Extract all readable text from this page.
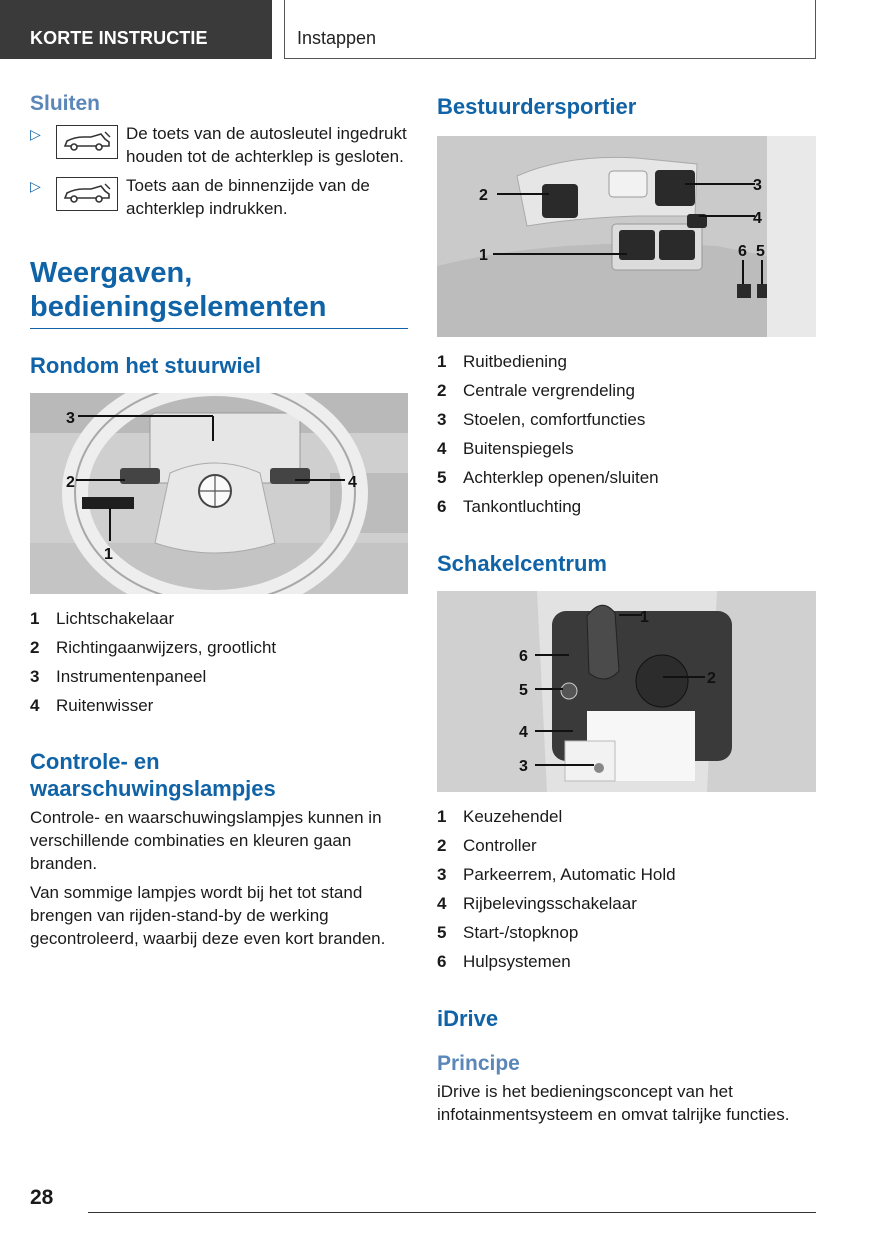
KORTE INSTRUCTIE	Instappen
Sluiten
▷	De toets van de autosleutel ingedrukt houden tot de achterklep is gesloten.
▷	Toets aan de binnenzijde van de achterklep indrukken.
Weergaven, bedieningselementen
Rondom het stuurwiel
3
2	4
1
1 Lichtschakelaar
2 Richtingaanwijzers, grootlicht
3 Instrumentenpaneel
4 Ruitenwisser
Controle- en waarschuwingslampjes

Controle- en waarschuwingslampjes kunnen in verschillende combinaties en kleuren gaan branden.

Van sommige lampjes wordt bij het tot stand brengen van rijden-stand-by de werking gecontroleerd, waarbij deze even kort branden.

Bestuurdersportier
2
3
4
1	6 5
1 Ruitbediening
2 Centrale vergrendeling
3 Stoelen, comfortfuncties
4 Buitenspiegels
5 Achterklep openen/sluiten
6 Tankontluchting
Schakelcentrum
1
2
6
5
4
3
1 Keuzehendel
2 Controller
3 Parkeerrem, Automatic Hold
4 Rijbelevingsschakelaar
5 Start-/stopknop
6 Hulpsystemen
iDrive
Principe

iDrive is het bedieningsconcept van het infotainmentsysteem en omvat talrijke functies.

28
